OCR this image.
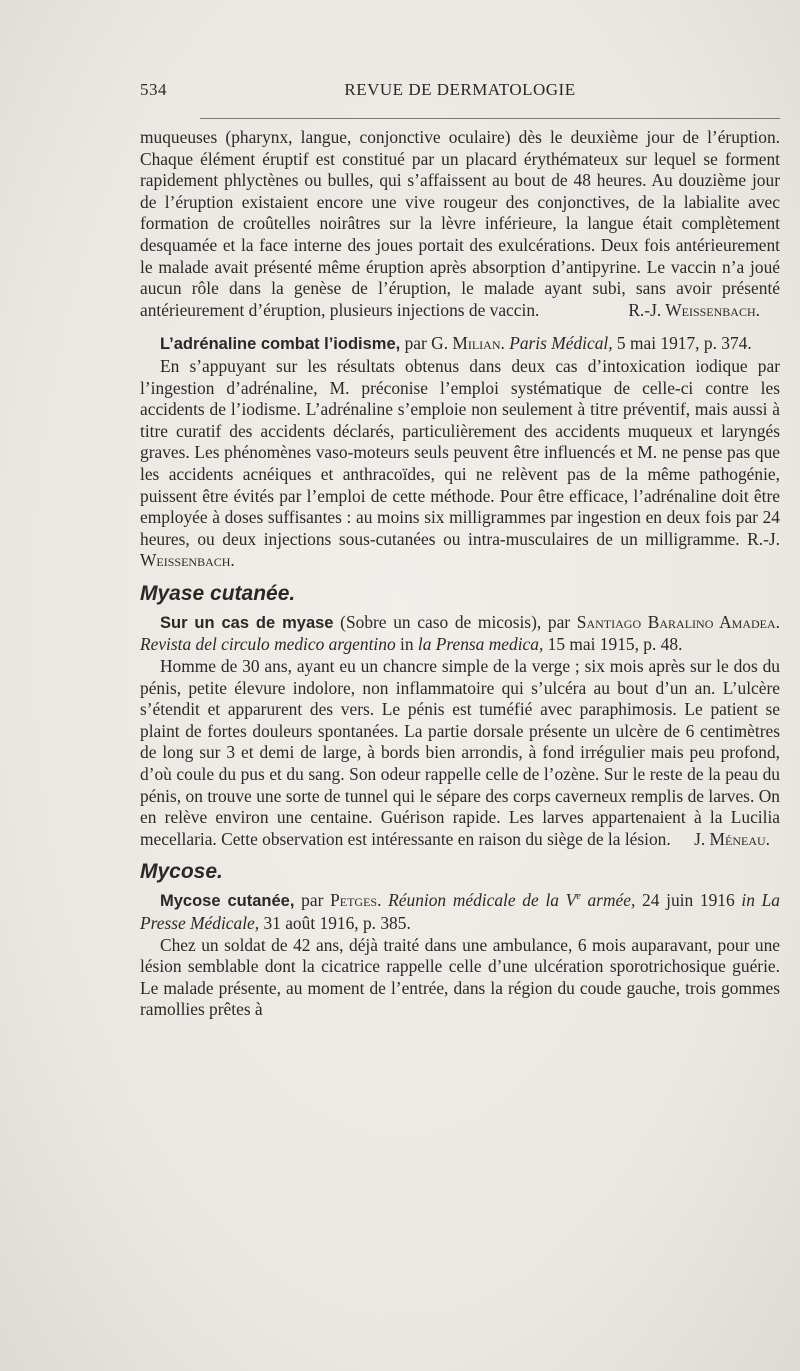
534	REVUE DE DERMATOLOGIE

muqueuses (pharynx, langue, conjonctive oculaire) dès le deuxième jour de l’éruption. Chaque élément éruptif est constitué par un placard érythémateux sur lequel se forment rapidement phlyctènes ou bulles, qui s’affaissent au bout de 48 heures. Au douzième jour de l’éruption existaient encore une vive rougeur des conjonctives, de la labialite avec formation de croûtelles noirâtres sur la lèvre inférieure, la langue était complètement desquamée et la face interne des joues portait des exulcérations. Deux fois antérieurement le malade avait présenté même éruption après absorption d’antipyrine. Le vaccin n’a joué aucun rôle dans la genèse de l’éruption, le malade ayant subi, sans avoir présenté antérieurement d’éruption, plusieurs injections de vaccin.	R.-J. Weissenbach.

L’adrénaline combat l’iodisme, par G. Milian. Paris Médical, 5 mai 1917, p. 374.

En s’appuyant sur les résultats obtenus dans deux cas d’intoxication iodique par l’ingestion d’adrénaline, M. préconise l’emploi systématique de celle-ci contre les accidents de l’iodisme. L’adrénaline s’emploie non seulement à titre préventif, mais aussi à titre curatif des accidents déclarés, particulièrement des accidents muqueux et laryngés graves. Les phénomènes vaso-moteurs seuls peuvent être influencés et M. ne pense pas que les accidents acnéiques et anthracoïdes, qui ne relèvent pas de la même pathogénie, puissent être évités par l’emploi de cette méthode. Pour être efficace, l’adrénaline doit être employée à doses suffisantes : au moins six milligrammes par ingestion en deux fois par 24 heures, ou deux injections sous-cutanées ou intra-musculaires de un milligramme. R.-J. Weissenbach.

Myase cutanée.

Sur un cas de myase (Sobre un caso de micosis), par Santiago Baralino Amadea. Revista del circulo medico argentino in la Prensa medica, 15 mai 1915, p. 48.

Homme de 30 ans, ayant eu un chancre simple de la verge ; six mois après sur le dos du pénis, petite élevure indolore, non inflammatoire qui s’ulcéra au bout d’un an. L’ulcère s’étendit et apparurent des vers. Le pénis est tuméfié avec paraphimosis. Le patient se plaint de fortes douleurs spontanées. La partie dorsale présente un ulcère de 6 centimètres de long sur 3 et demi de large, à bords bien arrondis, à fond irrégulier mais peu profond, d’où coule du pus et du sang. Son odeur rappelle celle de l’ozène. Sur le reste de la peau du pénis, on trouve une sorte de tunnel qui le sépare des corps caverneux remplis de larves. On en relève environ une centaine. Guérison rapide. Les larves appartenaient à la Lucilia mecellaria. Cette observation est intéressante en raison du siège de la lésion.	J. Méneau.

Mycose.

Mycose cutanée, par Petges. Réunion médicale de la Ve armée, 24 juin 1916 in La Presse Médicale, 31 août 1916, p. 385.

Chez un soldat de 42 ans, déjà traité dans une ambulance, 6 mois auparavant, pour une lésion semblable dont la cicatrice rappelle celle d’une ulcération sporotrichosique guérie. Le malade présente, au moment de l’entrée, dans la région du coude gauche, trois gommes ramollies prêtes à
